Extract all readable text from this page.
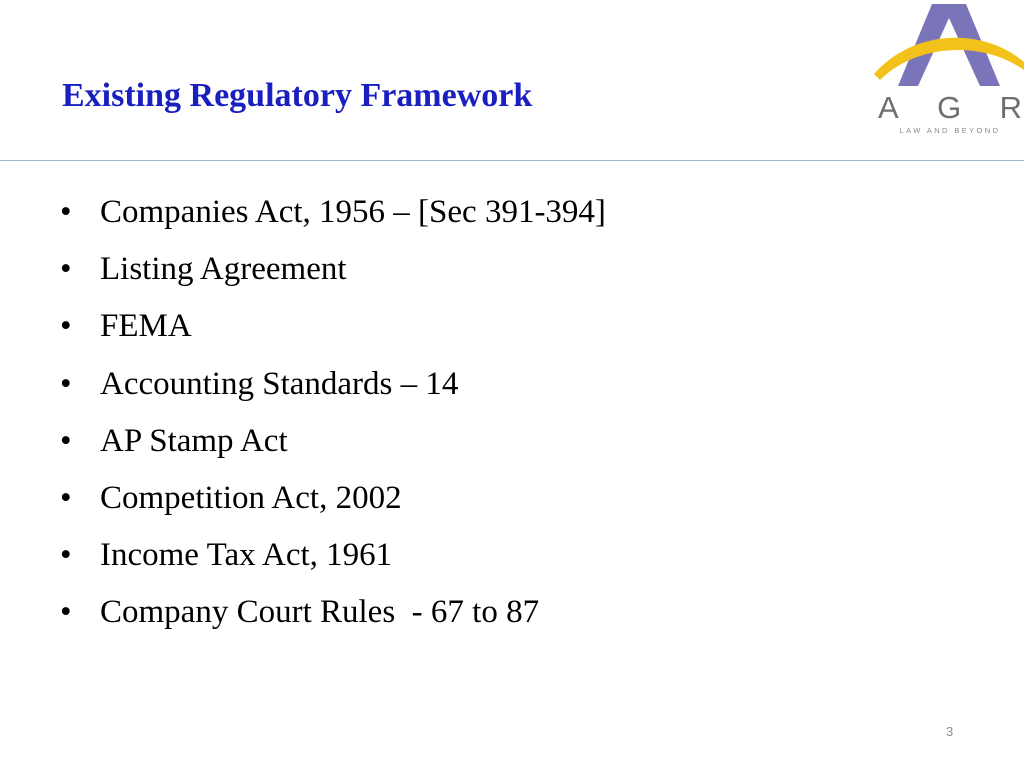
Existing Regulatory Framework	A G R
LAW AND BEYOND
• Companies Act, 1956 – [Sec 391-394]
• Listing Agreement
• FEMA
• Accounting Standards – 14
• AP Stamp Act
• Competition Act, 2002
• Income Tax Act, 1961
• Company Court Rules  - 67 to 87
3
